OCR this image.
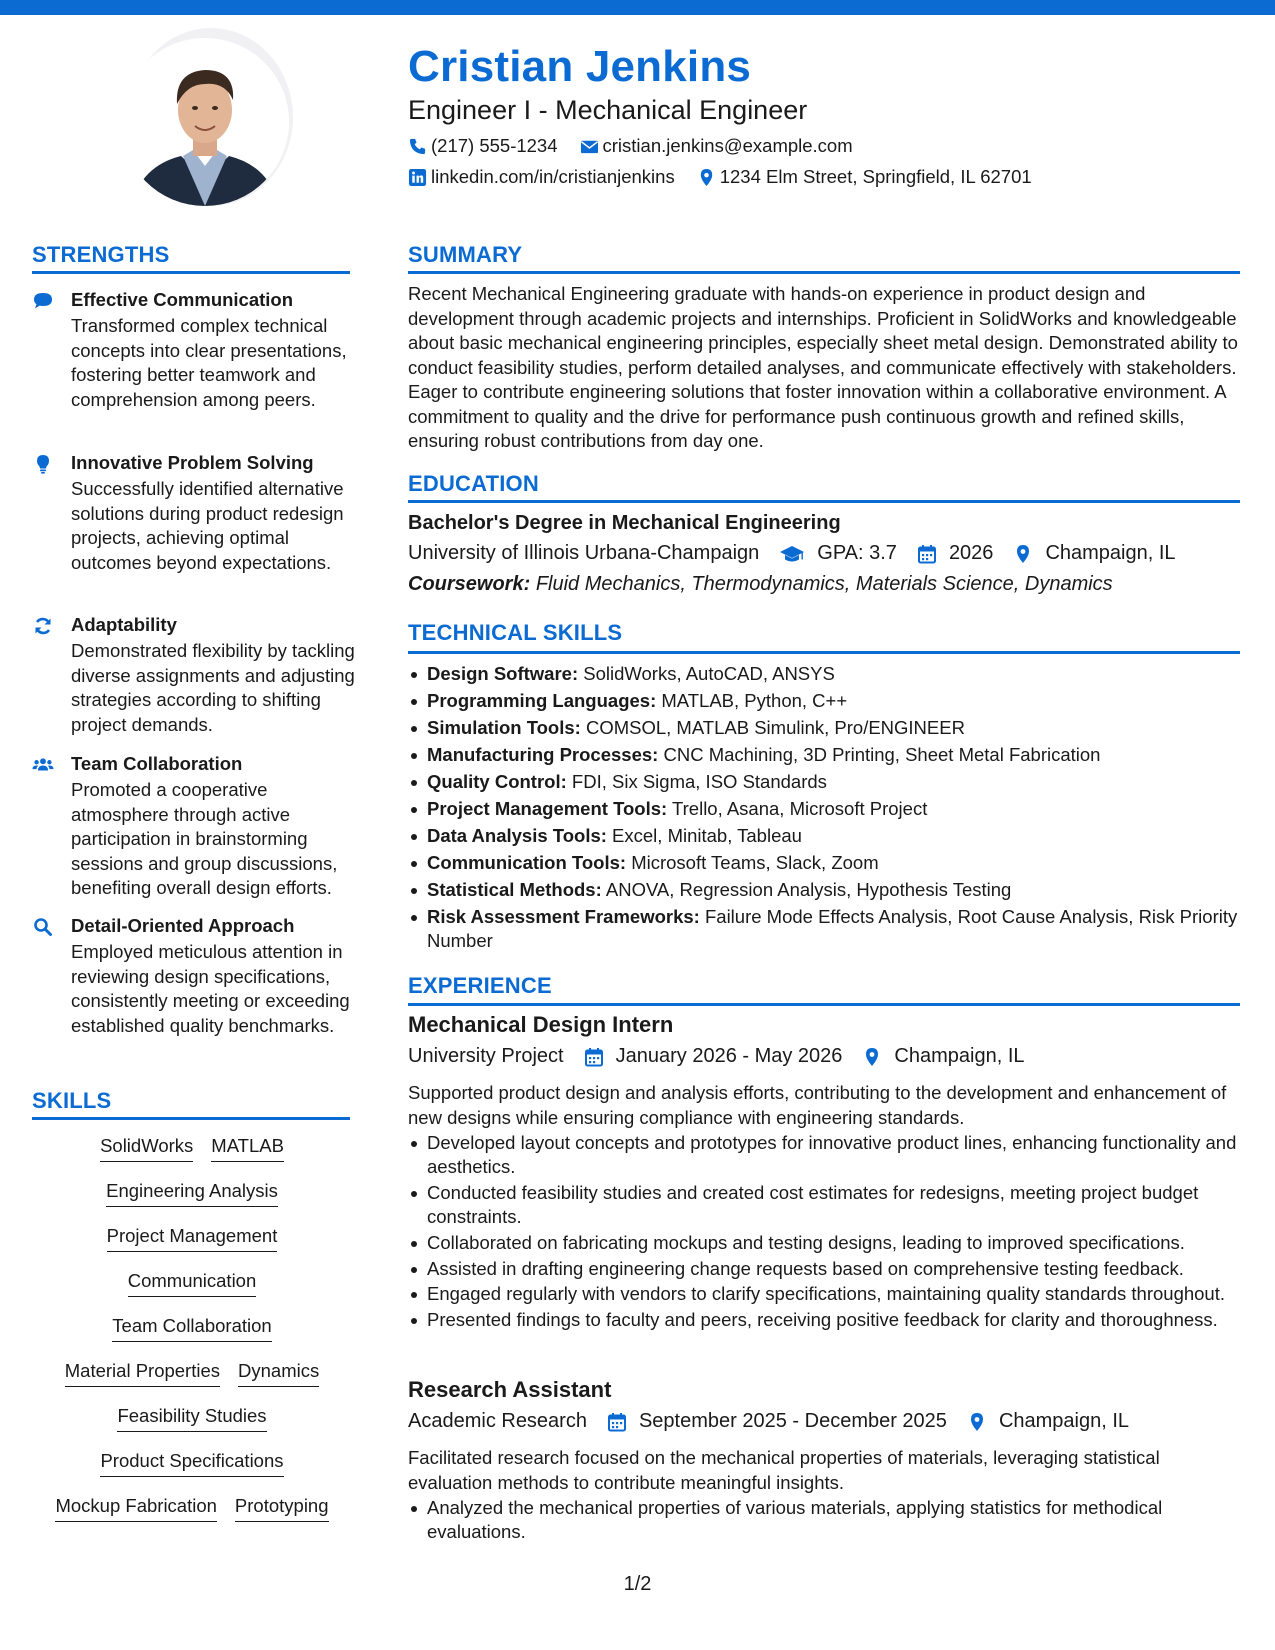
Cristian Jenkins
Engineer I - Mechanical Engineer
(217) 555-1234 cristian.jenkins@example.com
linkedin.com/in/cristianjenkins 1234 Elm Street, Springfield, IL 62701
STRENGTHS
Effective Communication
Transformed complex technical concepts into clear presentations, fostering better teamwork and comprehension among peers.
Innovative Problem Solving
Successfully identified alternative solutions during product redesign projects, achieving optimal outcomes beyond expectations.
Adaptability
Demonstrated flexibility by tackling diverse assignments and adjusting strategies according to shifting project demands.
Team Collaboration
Promoted a cooperative atmosphere through active participation in brainstorming sessions and group discussions, benefiting overall design efforts.
Detail-Oriented Approach
Employed meticulous attention in reviewing design specifications, consistently meeting or exceeding established quality benchmarks.
SKILLS
SolidWorks MATLAB
Engineering Analysis
Project Management
Communication
Team Collaboration
Material Properties Dynamics
Feasibility Studies
Product Specifications
Mockup Fabrication Prototyping
SUMMARY
Recent Mechanical Engineering graduate with hands-on experience in product design and development through academic projects and internships. Proficient in SolidWorks and knowledgeable about basic mechanical engineering principles, especially sheet metal design. Demonstrated ability to conduct feasibility studies, perform detailed analyses, and communicate effectively with stakeholders. Eager to contribute engineering solutions that foster innovation within a collaborative environment. A commitment to quality and the drive for performance push continuous growth and refined skills, ensuring robust contributions from day one.
EDUCATION
Bachelor's Degree in Mechanical Engineering
University of Illinois Urbana-Champaign	GPA: 3.7	2026	Champaign, IL
Coursework: Fluid Mechanics, Thermodynamics, Materials Science, Dynamics
TECHNICAL SKILLS
Design Software: SolidWorks, AutoCAD, ANSYS
Programming Languages: MATLAB, Python, C++
Simulation Tools: COMSOL, MATLAB Simulink, Pro/ENGINEER
Manufacturing Processes: CNC Machining, 3D Printing, Sheet Metal Fabrication
Quality Control: FDI, Six Sigma, ISO Standards
Project Management Tools: Trello, Asana, Microsoft Project
Data Analysis Tools: Excel, Minitab, Tableau
Communication Tools: Microsoft Teams, Slack, Zoom
Statistical Methods: ANOVA, Regression Analysis, Hypothesis Testing
Risk Assessment Frameworks: Failure Mode Effects Analysis, Root Cause Analysis, Risk Priority Number
EXPERIENCE
Mechanical Design Intern
University Project	January 2026 - May 2026	Champaign, IL
Supported product design and analysis efforts, contributing to the development and enhancement of new designs while ensuring compliance with engineering standards.
Developed layout concepts and prototypes for innovative product lines, enhancing functionality and aesthetics.
Conducted feasibility studies and created cost estimates for redesigns, meeting project budget constraints.
Collaborated on fabricating mockups and testing designs, leading to improved specifications.
Assisted in drafting engineering change requests based on comprehensive testing feedback.
Engaged regularly with vendors to clarify specifications, maintaining quality standards throughout.
Presented findings to faculty and peers, receiving positive feedback for clarity and thoroughness.
Research Assistant
Academic Research	September 2025 - December 2025	Champaign, IL
Facilitated research focused on the mechanical properties of materials, leveraging statistical evaluation methods to contribute meaningful insights.
Analyzed the mechanical properties of various materials, applying statistics for methodical evaluations.
1/2
